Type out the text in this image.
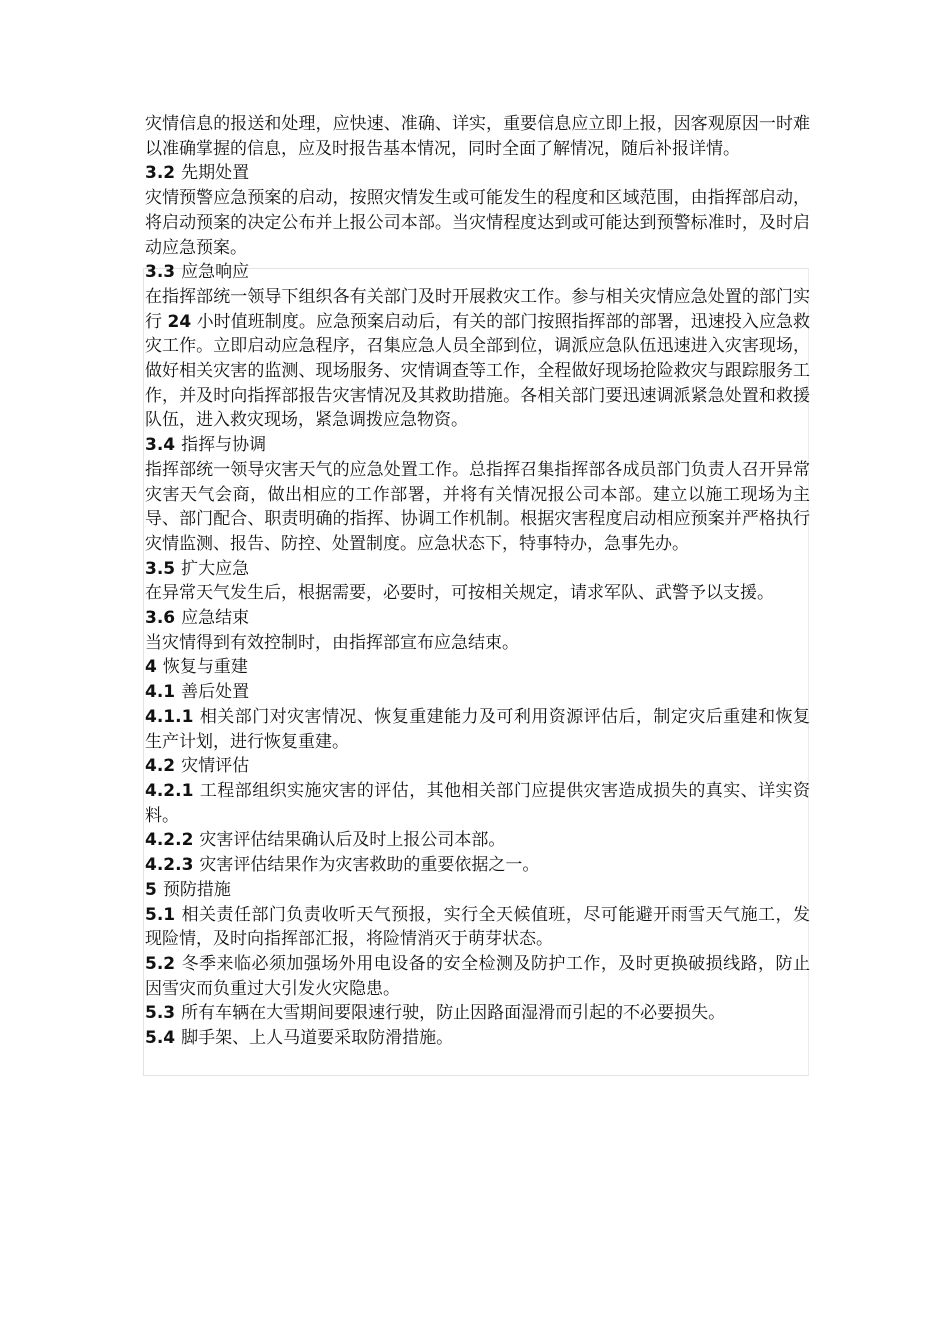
灾情信息的报送和处理，应快速、准确、详实，重要信息应立即上报，因客观原因一时难以准确掌握的信息，应及时报告基本情况，同时全面了解情况，随后补报详情。

3.2 先期处置

灾情预警应急预案的启动，按照灾情发生或可能发生的程度和区域范围，由指挥部启动，将启动预案的决定公布并上报公司本部。当灾情程度达到或可能达到预警标准时，及时启动应急预案。

3.3 应急响应

在指挥部统一领导下组织各有关部门及时开展救灾工作。参与相关灾情应急处置的部门实行 24 小时值班制度。应急预案启动后，有关的部门按照指挥部的部署，迅速投入应急救灾工作。立即启动应急程序，召集应急人员全部到位，调派应急队伍迅速进入灾害现场，做好相关灾害的监测、现场服务、灾情调查等工作，全程做好现场抢险救灾与跟踪服务工作，并及时向指挥部报告灾害情况及其救助措施。各相关部门要迅速调派紧急处置和救援队伍，进入救灾现场，紧急调拨应急物资。

3.4 指挥与协调

指挥部统一领导灾害天气的应急处置工作。总指挥召集指挥部各成员部门负责人召开异常灾害天气会商，做出相应的工作部署，并将有关情况报公司本部。建立以施工现场为主导、部门配合、职责明确的指挥、协调工作机制。根据灾害程度启动相应预案并严格执行灾情监测、报告、防控、处置制度。应急状态下，特事特办，急事先办。

3.5 扩大应急

在异常天气发生后，根据需要，必要时，可按相关规定，请求军队、武警予以支援。

3.6 应急结束

当灾情得到有效控制时，由指挥部宣布应急结束。

4 恢复与重建

4.1 善后处置

4.1.1 相关部门对灾害情况、恢复重建能力及可利用资源评估后，制定灾后重建和恢复生产计划，进行恢复重建。

4.2 灾情评估

4.2.1 工程部组织实施灾害的评估，其他相关部门应提供灾害造成损失的真实、详实资料。

4.2.2 灾害评估结果确认后及时上报公司本部。

4.2.3 灾害评估结果作为灾害救助的重要依据之一。

5 预防措施

5.1 相关责任部门负责收听天气预报，实行全天候值班，尽可能避开雨雪天气施工，发现险情，及时向指挥部汇报，将险情消灭于萌芽状态。

5.2 冬季来临必须加强场外用电设备的安全检测及防护工作，及时更换破损线路，防止因雪灾而负重过大引发火灾隐患。

5.3 所有车辆在大雪期间要限速行驶，防止因路面湿滑而引起的不必要损失。

5.4 脚手架、上人马道要采取防滑措施。
